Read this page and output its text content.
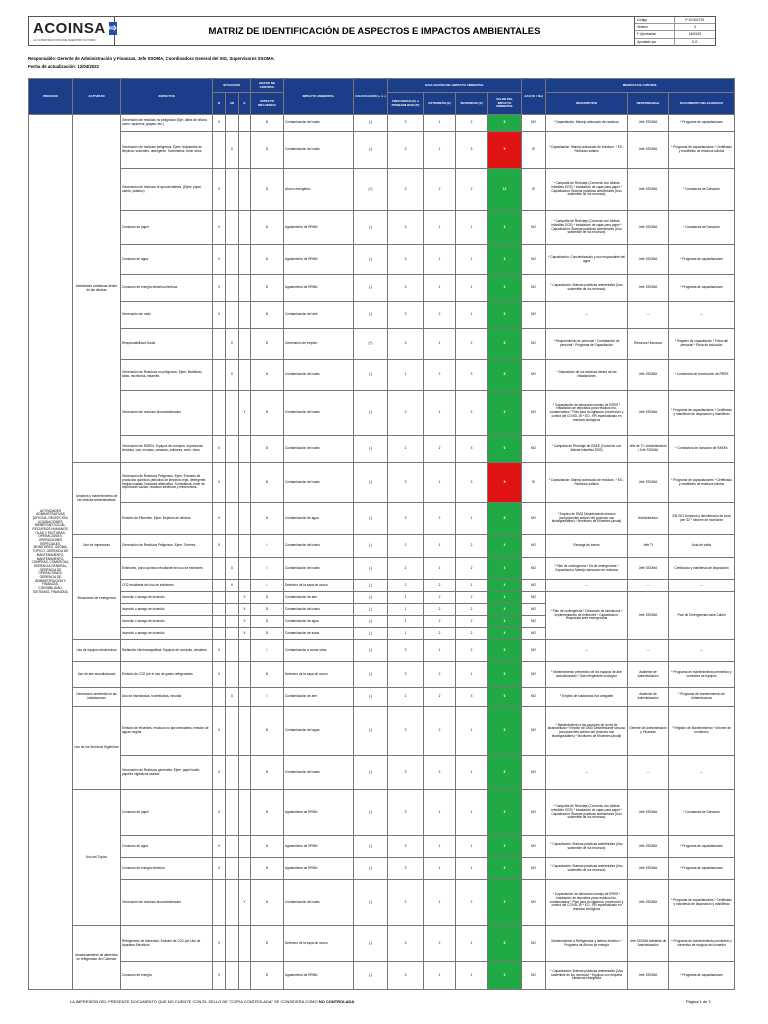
ACOINSA ⇨
LA CONSTRUCCIÓN DE NUESTRO FUTURO
MATRIZ DE IDENTIFICACIÓN DE ASPECTOS E IMPACTOS AMBIENTALES
Código	P-SI-003-F01
Versión	3
F. Aprobación	16/04/23
Aprobado por	G.G.
Responsable: Gerente de Administración y Finanzas, Jefe SSOMA, Coordinadora General del SIG, Supervisores SSOMA.
Fecha de actualización: 12/04/2022
PROCESO	ACTIVIDAD	ASPECTOS	SITUACIÓN			GRADO DE CONTROL	IMPACTO AMBIENTAL	CALIFICACIÓN (+ ó -)	EVALUACIÓN DEL IMPACTO AMBIENTAL				AAS (Si / No)	MEDIDAS DE CONTROL		
			N	AN	E	ASPECTO INFLUENCIA			FRECUENCIA (F) o PROBABILIDAD (P)	EXTENSIÓN (E)	SEVERIDAD (S)	VALOR DEL IMPACTO AMBIENTAL		DESCRIPCIÓN	RESPONSABLE	DOCUMENTO RELACIONADO
ACTIVIDADES ADMINISTRATIVAS (OFICINA, RECEPCIÓN, LIQUIDACIONES, BIENESTAR SOCIAL, RECURSOS HUMANOS, OLAS Y FACTURAS, OPERACIONES, OPERACIONES ESPECIALES, MONITOREO, SSOMA, TOPICO, GERENCIA DE MANTENIMIENTO, MANTENIMIENTO, COMPRAS, COMERCIAL, GERENCIA GENERAL, GERENCIA DE OPERACIONES, GERENCIA DE ADMINISTRACIÓN Y FINANZAS, CONTABILIDAD, SISTEMAS, FINANZAS)	Actividades cotidianas dentro de las oficinas	Generación de residuos no peligrosos (Ejm: útiles de oficina como: lapiceros, grapas, etc.)	X			D	Contaminación del suelo	(-)	3	1	2	6	NO	* Capacitación: Manejo adecuado de residuos.	Jefe SSOMA	* Programa de capacitaciones
		Generación de residuos peligrosos. Ejem: recipientes de limpieza: solventes, detergente. Suministros, toner otros		X		D	Contaminación del suelo	(-)	3	1	3	9	SI	* Capacitación: Manejo adecuado de residuos. * EO - Residuos sólidos	Jefe SSOMA	* Programa de capacitaciones * Certificado y manifiesto de residuos sólidos
		Generación de residuos re aprovechables. (Ejem: papel, cartón, plástico)	X			D	Ahorro energético	(+)	3	2	2	12	SI	* Campaña de Reciclaje (Convenio con Aldeas Infantiles SOS) * Instalación de cajas para papel * Capacitación: Buenas prácticas ambientales (Uso sostenible de los recursos)	Jefe SSOMA	* Constancia de Donación
		Consumo de papel	X			D	Agotamiento de RRNN	(-)	3	1	1	3	NO	* Campaña de Reciclaje (Convenio con Aldeas Infantiles SOS) * Instalación de cajas para papel * Capacitación: Buenas prácticas ambientales (Uso sostenible de los recursos)	Jefe SSOMA	* Constancia de Donación
		Consumo de agua	X			D	Agotamiento de RRNN	(-)	3	1	1	3	NO	* Capacitación: Concientización y uso responsable del agua	Jefe SSOMA	* Programa de capacitaciones
		Consumo de energía eléctrica eléctrica	X			D	Agotamiento de RRNN	(-)	3	1	1	3	NO	* Capacitación: Buenas prácticas ambientales (Uso sostenible de los recursos)	Jefe SSOMA	* Programa de capacitaciones
		Generación de ruido	X			D	Contaminación del aire	(-)	3	2	1	6	NO	---	---	---
		Responsabilidad Social		X		D	Generación de empleo	(+)	3	1	2	6	NO	* Requerimiento de personal * Contratación de personal * Programa de Capacitación	Recursos Humanos	* Registro de capacitación * Ficha del personal * Ficha de inducción
		Generación de Residuos no peligrosos. Ejem: Mobiliario, sillas, escritorios, estantes		X		D	Contaminación del suelo	(-)	1	2	3	6	NO	* Disposición de los residuos dentro de las instalaciones	Jefe SSOMA	* Constancia de recolección de RRSS
		Generación de residuos biocontaminados			Y	D	Contaminación del suelo	(-)	2	1	2	4	NO	* Capacitación de adecuado manejo de RRSS * Instalación de depósitos para residuos bio-contaminados * Plan para la vigilancia, prevención y control del COVID-19 * EO - RR especializado en residuos biológicos	Jefe SSOMA	* Programa de capacitaciones * Certificado y manifiesto de disposición y manifiesto
		Generación de RAEEs. Equipos de computo, impresoras, teclados, usb, mouses, cámaras, celulares, serie, otros	X			D	Contaminación del suelo	(-)	1	2	3	6	NO	* Campaña de Reciclaje de RAEE (Convenio con Aldeas Infantiles SOS)	Jefe de TI / Administración / Jefe SSOMA	* Constancia de donación de RAEEs
	Limpieza y mantenimiento de las oficinas administrativas	Generación de Residuos Peligrosos. Ejem: Envases de productos químicos (artículos de limpieza: lejía, detergente, franjas usadas, limpiador alternativo. Suministros, toner de impresoras vacías, residuos eléctricos y electrónicos.	X			D	Contaminación del suelo	(-)	3	1	3	9	SI	* Capacitación: Manejo adecuado de residuos. * EO - Residuos sólidos	Jefe SSOMA	* Programa de capacitaciones * Certificado y manifiesto de residuos sólidos
		Emisión de Efluentes. Ejem: limpieza de oficinas	X			D	Contaminación de agua	(-)	3	2	1	6	NO	* Empleo de DMG Desinfectante sinuoso (componentes activos del producto son biodegradables) * Monitoreo de Efluentes (anual)	Administrador	EM-SIG Limpieza y desinfección de local (ver 32 * Informe de monitoreo
	Uso de impresoras	Generación de Residuos Peligrosos. Ejem: Tóneres	X			I	Contaminación del suelo	(-)	2	1	2	4	NO	Recarga de toners	Jefe TI	Acta de visita
	Situaciones de emergencia	Extintores, polvo químico resultante del uso de extintores		X		I	Contaminación del suelo	(-)	2	1	2	4	NO	* Plan de contingencia * Kit de emergencias * Capacitación: Manejo adecuado de residuos	Jefe SSOMA	Certificado y manifiesto de disposición
		CO2 resultante del uso de extintores		X		I	Deterioro de la capa de ozono	(-)	2	2	1	4	NO	---	---	---
		Incendio o amago de incendio			X	D	Contaminación de aire	(-)	1	2	2	4	NO	* Plan de contingencia * Desarrollo de simulacros * Implementación de extintores * Capacitación: Respuesta ante emergencias	Jefe SSOMA	Plan de Emergencias base Calibri
		Incendio o amago de incendio			X	D	Contaminación del suelo	(-)	1	2	2	4	NO			
		Incendio o amago de incendio			X	D	Contaminación de agua	(-)	1	2	2	4	NO			
		Incendio o amago de incendio			X	D	Contaminación de suelo	(-)	1	2	2	4	NO			
	Uso de equipos electrónicos	Radiación electromagnética. Equipos de computo, celulares	X			I	Contaminación a zonas otras	(-)	3	1	2	6	NO	---	---	---
	Uso de aire acondicionado	Emisión de CO2 por el uso de gases refrigerantes	X			D	Deterioro de la capa de ozono	(-)	3	2	1	6	NO	* Mantenimiento preventivo de los equipos de aire acondicionado * Gas refrigerante ecológico	Asistente de Administración	* Programa de mantenimiento preventivo y correctivo de equipos
	Generación ambiental en las instalaciones	Uso de insecticidas, rodenticidas, virucida		X		I	Contaminación de aire	(-)	1	2	3	6	NO	* Empleo de sustancias eco amigable	Asistente de Administración	* Programa de mantenimiento de infraestructura
	Uso de los Servicios Higiénicos	Emisión de efluentes, residuos no aprovechables, emisión de aguas negras	X			D	Contaminación del agua	(-)	3	2	1	6	NO	* Mantenimiento a las acciones de la red de alcantarillado * Empleo de DMG Desinfectante sinuoso (componentes activos del producto son biodegradables) * Monitoreo de Efluentes (anual)	Gerente de Administración y Finanzas	* Registro de Mantenimiento * Informe de monitoreo
		Generación de Residuos generales. Ejem: papel toalla, papeles higiénicos usados	X			D	Contaminación del suelo	(-)	3	2	1	6	NO	---	---	---
	Uso del Tópico	Consumo de papel	X			D	Agotamiento de RRNN	(-)	3	1	1	3	NO	* Campaña de Reciclaje (Convenio con Aldeas Infantiles SOS) * Instalación de cajas para papel * Capacitación: Buenas prácticas ambientales (Uso sostenible de los recursos)	Jefe SSOMA	* Constancia de Donación
		Consumo de agua	X			D	Agotamiento de RRNN	(-)	3	1	1	3	NO	* Capacitación: Buenas prácticas ambientales (Uso sostenible de los recursos)	Jefe SSOMA	* Programa de capacitaciones
		Consumo de energía eléctrica	X			D	Agotamiento de RRNN	(-)	3	1	1	3	NO	* Capacitación: Buenas prácticas ambientales (Uso sostenible de los recursos)	Jefe SSOMA	* Programa de capacitaciones
		Generación de residuos biocontaminados			Y	D	Contaminación del suelo	(-)	2	1	2	4	NO	* Capacitación de adecuado manejo de RRSS * Instalación de depósitos para residuos bio-contaminados * Plan para la vigilancia, prevención y control del COVID-19 * EO - RR especializado en residuos biológicos	Jefe SSOMA	* Programa de capacitaciones * Certificado y manifiesto de disposición y manifiesto
	Almacenamiento de alimentos en refrigerador del Comedor	Refrigerador de Alimentos. Emisión de CO2 por Uso de Aparatos Eléctricos	X			D	Deterioro de la capa de ozono	(-)	3	2	1	6	NO	Mantenimiento a Refrigerador y tablero eléctrico * Programa de Ahorro de energía	Jefe SSOMA Asistente de Administración	* Programa de mantenimiento preventivo y correctivo de equipos del comedor
		Consumo de energía	X			D	Agotamiento de RRNN	(-)	3	1	1	3	NO	* Capacitación: Buenas prácticas ambientales (Uso sostenible de los recursos) * Equipos con etiqueta eficiencia energética	Jefe SSOMA	* Programa de capacitaciones
LA IMPRESIÓN DEL PRESENTE DOCUMENTO QUE NO CUENTE CON EL SELLO DE "COPIA CONTROLADA" SE CONSIDERA COMO NO CONTROLADA	Página 1 de 2
